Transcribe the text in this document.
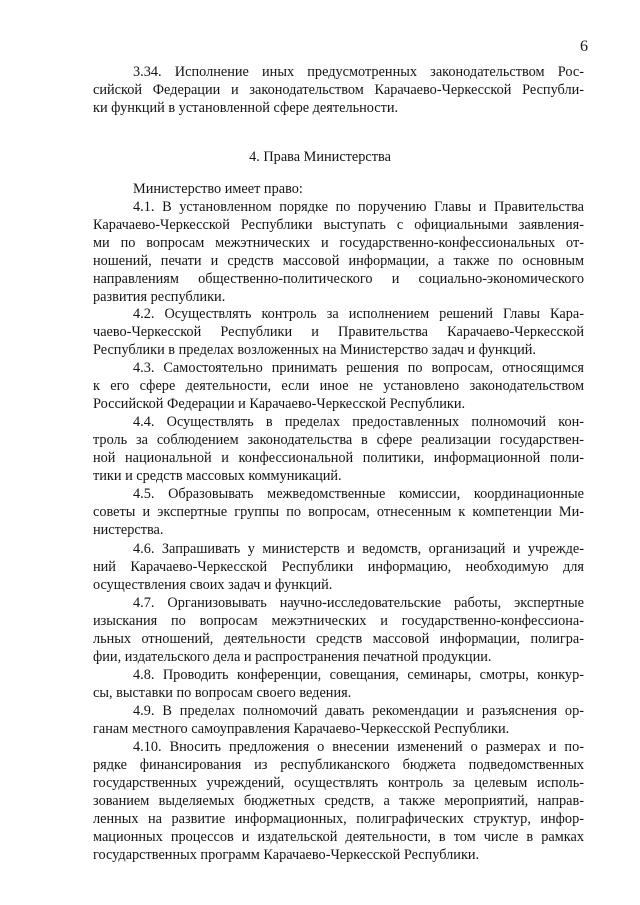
6
3.34. Исполнение иных предусмотренных законодательством Рос-
сийской Федерации и законодательством Карачаево-Черкесской Республи-
ки функций в установленной сфере деятельности.
4. Права Министерства
Министерство имеет право:
4.1. В установленном порядке по поручению Главы и Правительства
Карачаево-Черкесской Республики выступать с официальными заявления-
ми по вопросам межэтнических и государственно-конфессиональных от-
ношений, печати и средств массовой информации, а также по основным
направлениям общественно-политического и социально-экономического
развития республики.
4.2. Осуществлять контроль за исполнением решений Главы Кара-
чаево-Черкесской Республики и Правительства Карачаево-Черкесской
Республики в пределах возложенных на Министерство задач и функций.
4.3. Самостоятельно принимать решения по вопросам, относящимся
к его сфере деятельности, если иное не установлено законодательством
Российской Федерации и Карачаево-Черкесской Республики.
4.4. Осуществлять в пределах предоставленных полномочий кон-
троль за соблюдением законодательства в сфере реализации государствен-
ной национальной и конфессиональной политики, информационной поли-
тики и средств массовых коммуникаций.
4.5. Образовывать межведомственные комиссии, координационные
советы и экспертные группы по вопросам, отнесенным к компетенции Ми-
нистерства.
4.6. Запрашивать у министерств и ведомств, организаций и учрежде-
ний Карачаево-Черкесской Республики информацию, необходимую для
осуществления своих задач и функций.
4.7. Организовывать научно-исследовательские работы, экспертные
изыскания по вопросам межэтнических и государственно-конфессиона-
льных отношений, деятельности средств массовой информации, полигра-
фии, издательского дела и распространения печатной продукции.
4.8. Проводить конференции, совещания, семинары, смотры, конкур-
сы, выставки по вопросам своего ведения.
4.9. В пределах полномочий давать рекомендации и разъяснения ор-
ганам местного самоуправления Карачаево-Черкесской Республики.
4.10. Вносить предложения о внесении изменений о размерах и по-
рядке финансирования из республиканского бюджета подведомственных
государственных учреждений, осуществлять контроль за целевым исполь-
зованием выделяемых бюджетных средств, а также мероприятий, направ-
ленных на развитие информационных, полиграфических структур, инфор-
мационных процессов и издательской деятельности, в том числе в рамках
государственных программ Карачаево-Черкесской Республики.
